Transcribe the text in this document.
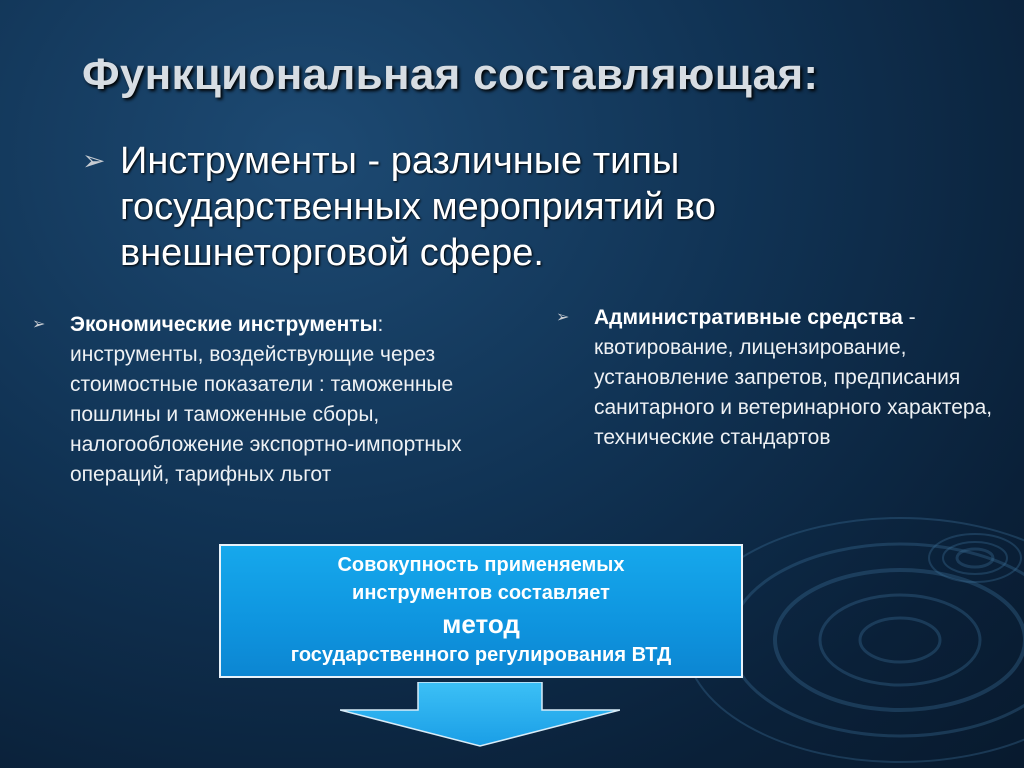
Функциональная составляющая:
➢ Инструменты - различные типы государственных мероприятий во внешнеторговой сфере.
➢	Экономические инструменты: инструменты, воздействующие через стоимостные показатели : таможенные пошлины и таможенные сборы, налогообложение экспортно-импортных операций, тарифных льгот
➢	Административные средства - квотирование, лицензирование, установление запретов, предписания санитарного и ветеринарного характера, технические стандартов
Совокупность применяемых
инструментов составляет
метод
государственного регулирования ВТД
